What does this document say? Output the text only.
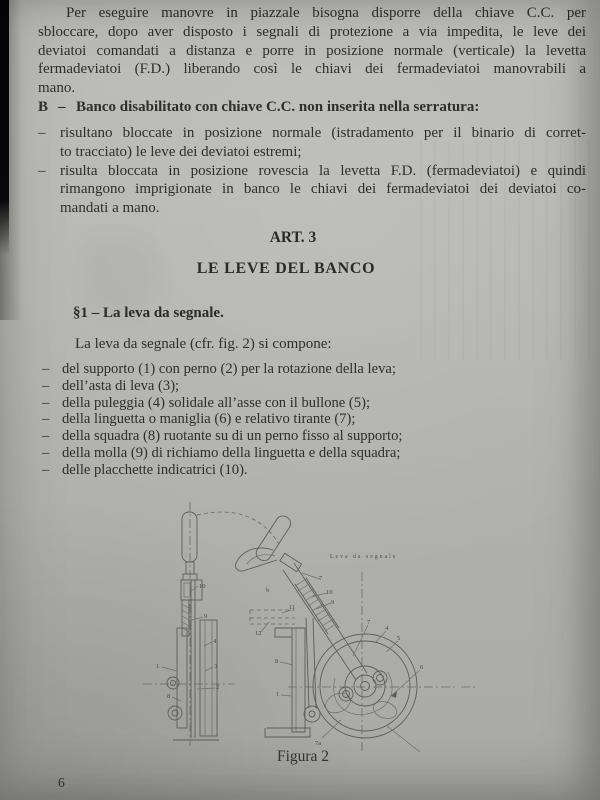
Per eseguire manovre in piazzale bisogna disporre della chiave C.C. per
sbloccare, dopo aver disposto i segnali di protezione a via impedita, le leve dei
deviatoi comandati a distanza e porre in posizione normale (verticale) la levetta
fermadeviatoi (F.D.) liberando così le chiavi dei fermadeviatoi manovrabili a
mano.
B – Banco disabilitato con chiave C.C. non inserita nella serratura:
– risultano bloccate in posizione normale (istradamento per il binario di corret-
to tracciato) le leve dei deviatoi estremi;
– risulta bloccata in posizione rovescia la levetta F.D. (fermadeviatoi) e quindi
rimangono imprigionate in banco le chiavi dei fermadeviatoi dei deviatoi co-
mandati a mano.
ART. 3
LE LEVE DEL BANCO
§1 – La leva da segnale.
La leva da segnale (cfr. fig. 2) si compone:
– del supporto (1) con perno (2) per la rotazione della leva;
– dell’asta di leva (3);
– della puleggia (4) solidale all’asse con il bullone (5);
– della linguetta o maniglia (6) e relativo tirante (7);
– della squadra (8) ruotante su di un perno fisso al supporto;
– della molla (9) di richiamo della linguetta e della squadra;
– delle placchette indicatrici (10).
10
9
4
3
2
8
1
Leva da segnale
7
10
9
11
12
b
8
1
7
4
5
6
7a
Figura 2
6
